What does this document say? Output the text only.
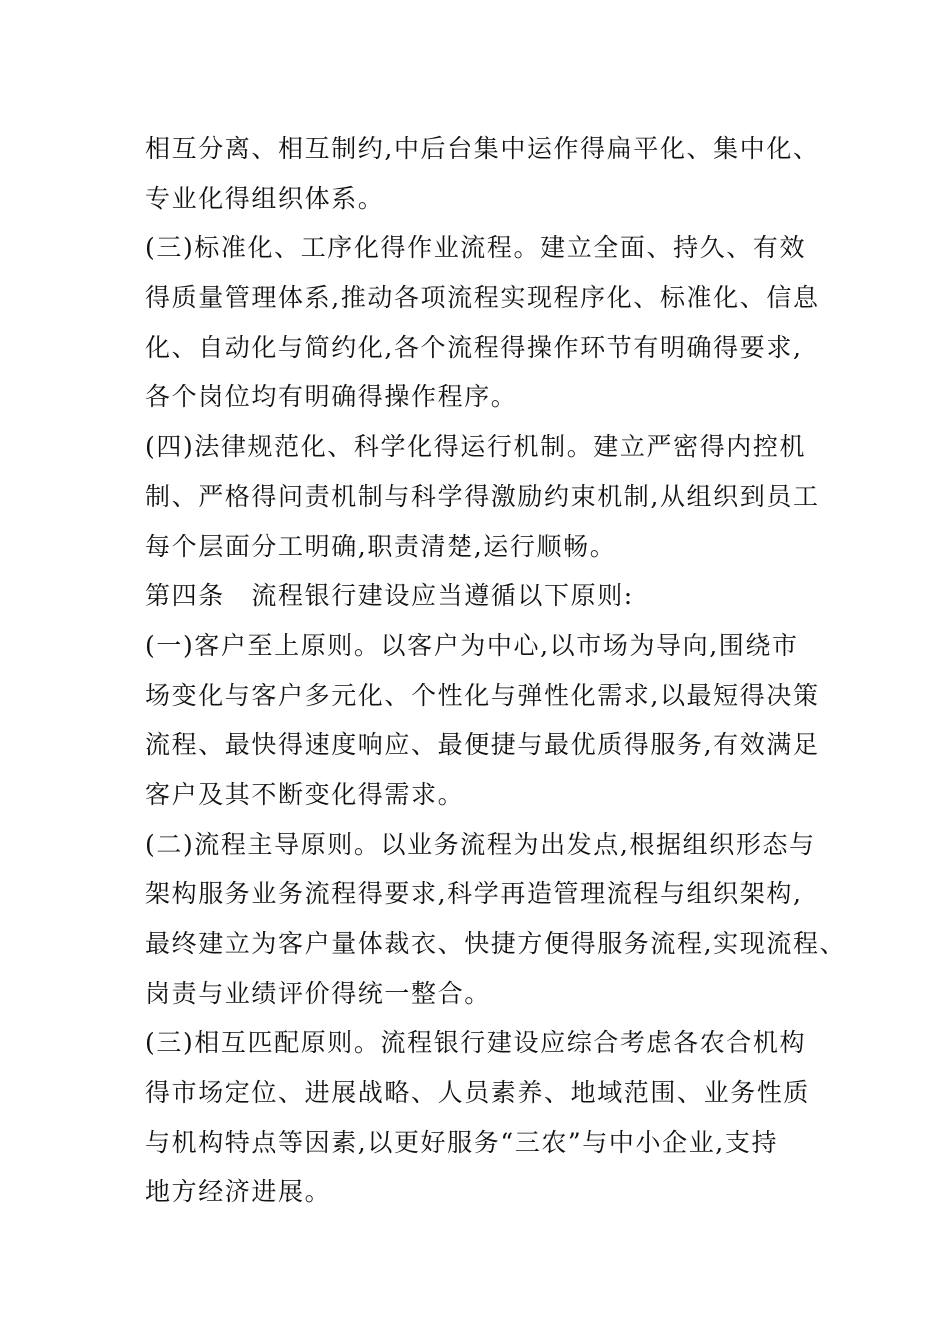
相互分离、相互制约,中后台集中运作得扁平化、集中化、
专业化得组织体系。
(三)标准化、工序化得作业流程。建立全面、持久、有效
得质量管理体系,推动各项流程实现程序化、标准化、信息
化、自动化与简约化,各个流程得操作环节有明确得要求,
各个岗位均有明确得操作程序。
(四)法律规范化、科学化得运行机制。建立严密得内控机
制、严格得问责机制与科学得激励约束机制,从组织到员工
每个层面分工明确,职责清楚,运行顺畅。
第四条　流程银行建设应当遵循以下原则:
(一)客户至上原则。以客户为中心,以市场为导向,围绕市
场变化与客户多元化、个性化与弹性化需求,以最短得决策
流程、最快得速度响应、最便捷与最优质得服务,有效满足
客户及其不断变化得需求。
(二)流程主导原则。以业务流程为出发点,根据组织形态与
架构服务业务流程得要求,科学再造管理流程与组织架构,
最终建立为客户量体裁衣、快捷方便得服务流程,实现流程、
岗责与业绩评价得统一整合。
(三)相互匹配原则。流程银行建设应综合考虑各农合机构
得市场定位、进展战略、人员素养、地域范围、业务性质
与机构特点等因素,以更好服务“三农”与中小企业,支持
地方经济进展。
